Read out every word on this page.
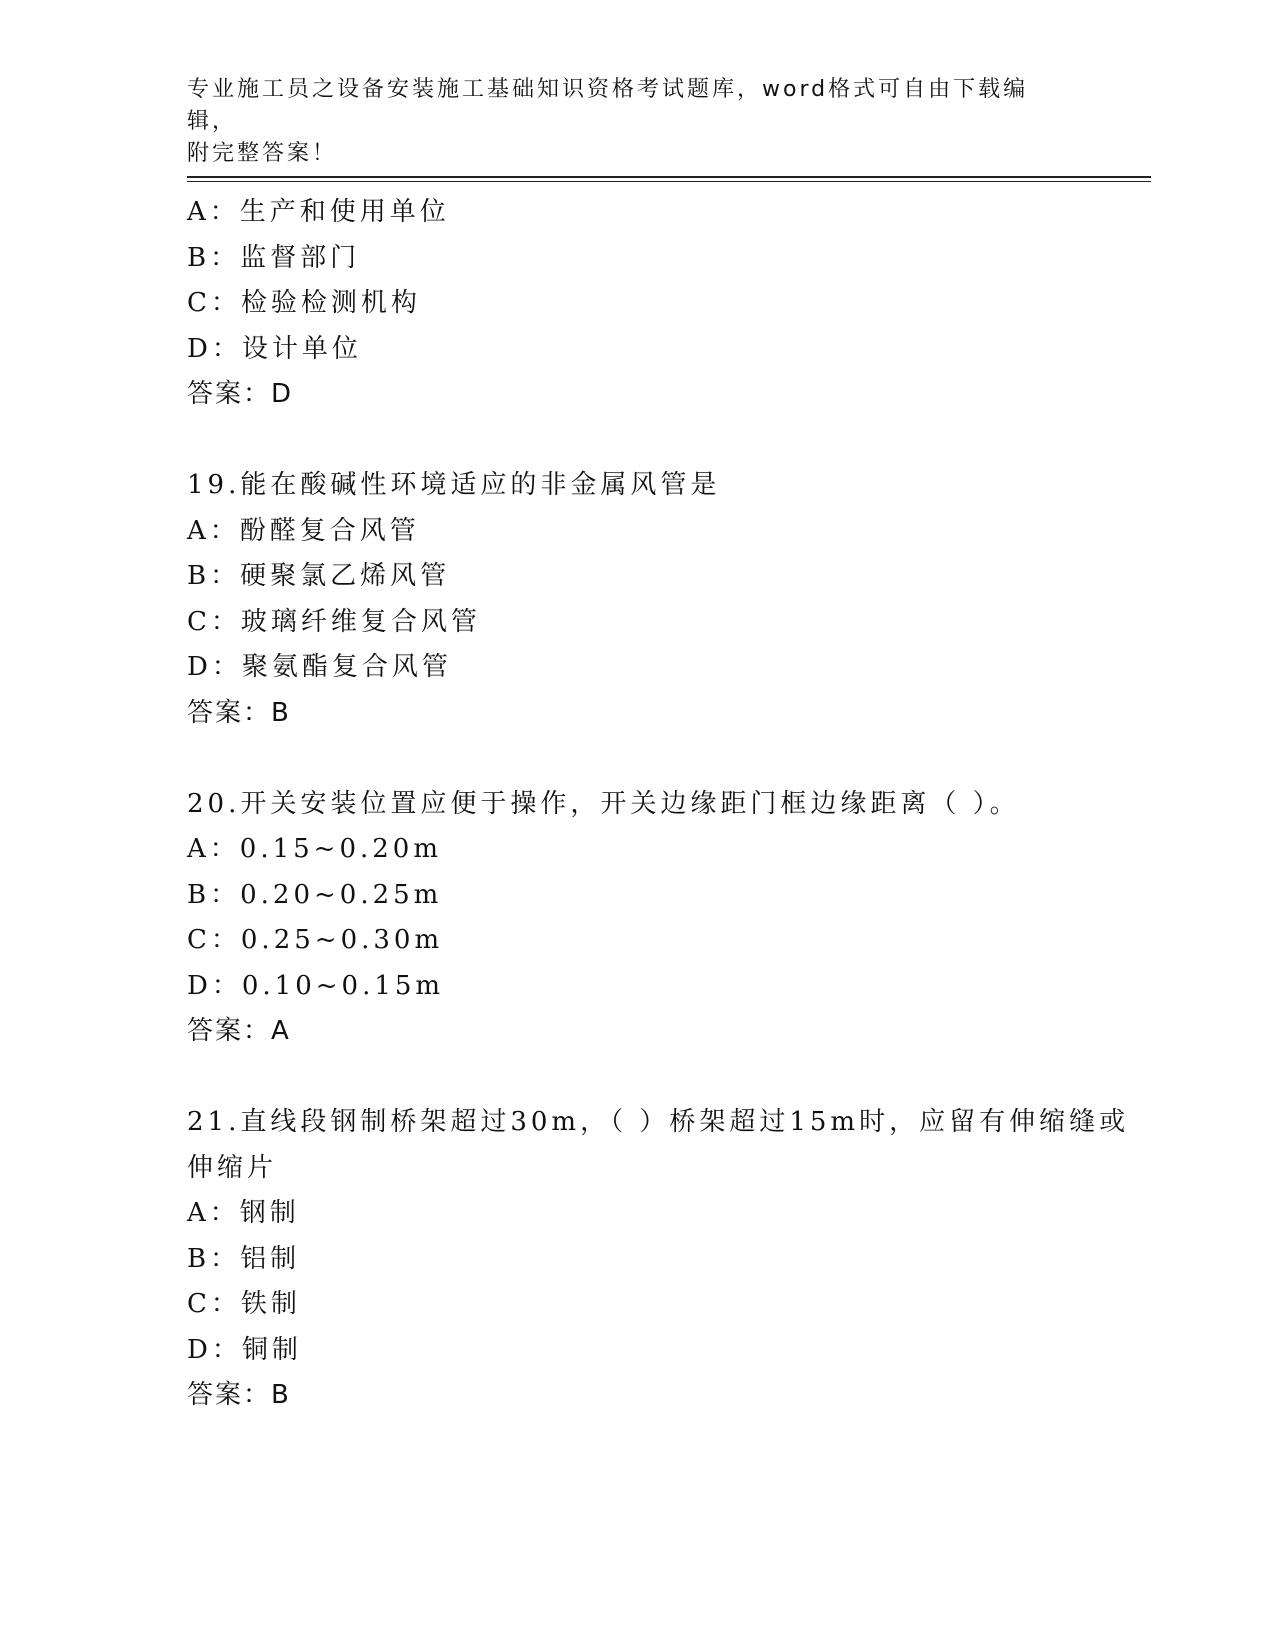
专业施工员之设备安装施工基础知识资格考试题库，word格式可自由下载编辑，
附完整答案！
A：生产和使用单位
B：监督部门
C：检验检测机构
D：设计单位
答案：D
19.能在酸碱性环境适应的非金属风管是
A：酚醛复合风管
B：硬聚氯乙烯风管
C：玻璃纤维复合风管
D：聚氨酯复合风管
答案：B
20.开关安装位置应便于操作，开关边缘距门框边缘距离（ ）。
A：0.15~0.20m
B：0.20~0.25m
C：0.25~0.30m
D：0.10~0.15m
答案：A
21.直线段钢制桥架超过30m，（ ）桥架超过15m时，应留有伸缩缝或
伸缩片
A：钢制
B：铝制
C：铁制
D：铜制
答案：B
